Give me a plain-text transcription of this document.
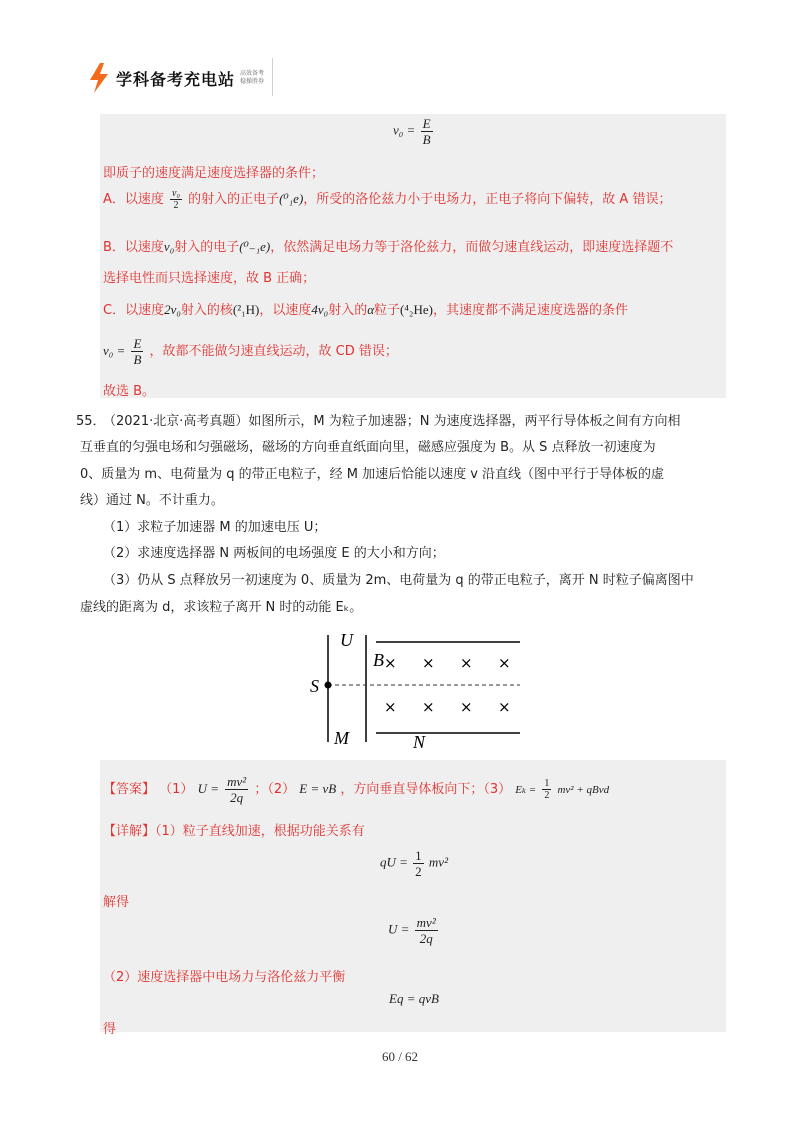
学科备考充电站 高效备考 稳操胜券
$v_0 = \frac{E}{B}$
即质子的速度满足速度选择器的条件；
A．以速度 $\frac{\text{v₀}}{2}$ 的射入的正电子(⁰₁e)，所受的洛伦兹力小于电场力，正电子将向下偏转，故 A 错误；
B．以速度v₀射入的电子(⁰₋₁e)，依然满足电场力等于洛伦兹力，而做匀速直线运动，即速度选择题不
选择电性而只选择速度，故 B 正确；
C．以速度2v₀射入的核(²₁H)，以速度4v₀射入的α粒子(⁴₂He)，其速度都不满足速度选器的条件
$v_0 = \frac{E}{B}$ ，故都不能做匀速直线运动，故 CD 错误；
故选 B。
55．
（2021·北京·高考真题）如图所示，M 为粒子加速器；N 为速度选择器，两平行导体板之间有方向相
互垂直的匀强电场和匀强磁场，磁场的方向垂直纸面向里，磁感应强度为 B。从 S 点释放一初速度为
0、质量为 m、电荷量为 q 的带正电粒子，经 M 加速后恰能以速度 v 沿直线（图中平行于导体板的虚
线）通过 N。不计重力。
（1）求粒子加速器 M 的加速电压 U；
（2）求速度选择器 N 两板间的电场强度 E 的大小和方向；
（3）仍从 S 点释放另一初速度为 0、质量为 2m、电荷量为 q 的带正电粒子，离开 N 时粒子偏离图中
虚线的距离为 d，求该粒子离开 N 时的动能 Eₖ。
U
S
M
B
N
× × × ×
× × × ×
【答案】 （1） $U = \frac{\text{mv²}}{2q}$ ；（2） E = vB ，方向垂直导体板向下；（3） $E_k = \frac{1}{2} mv^2$ + qBvd
【详解】（1）粒子直线加速，根据功能关系有
qU = $\frac{1}{2} mv^2$
解得
$U = \frac{\text{mv²}}{2q}$
（2）速度选择器中电场力与洛伦兹力平衡
Eq = qvB
得
60 / 62
